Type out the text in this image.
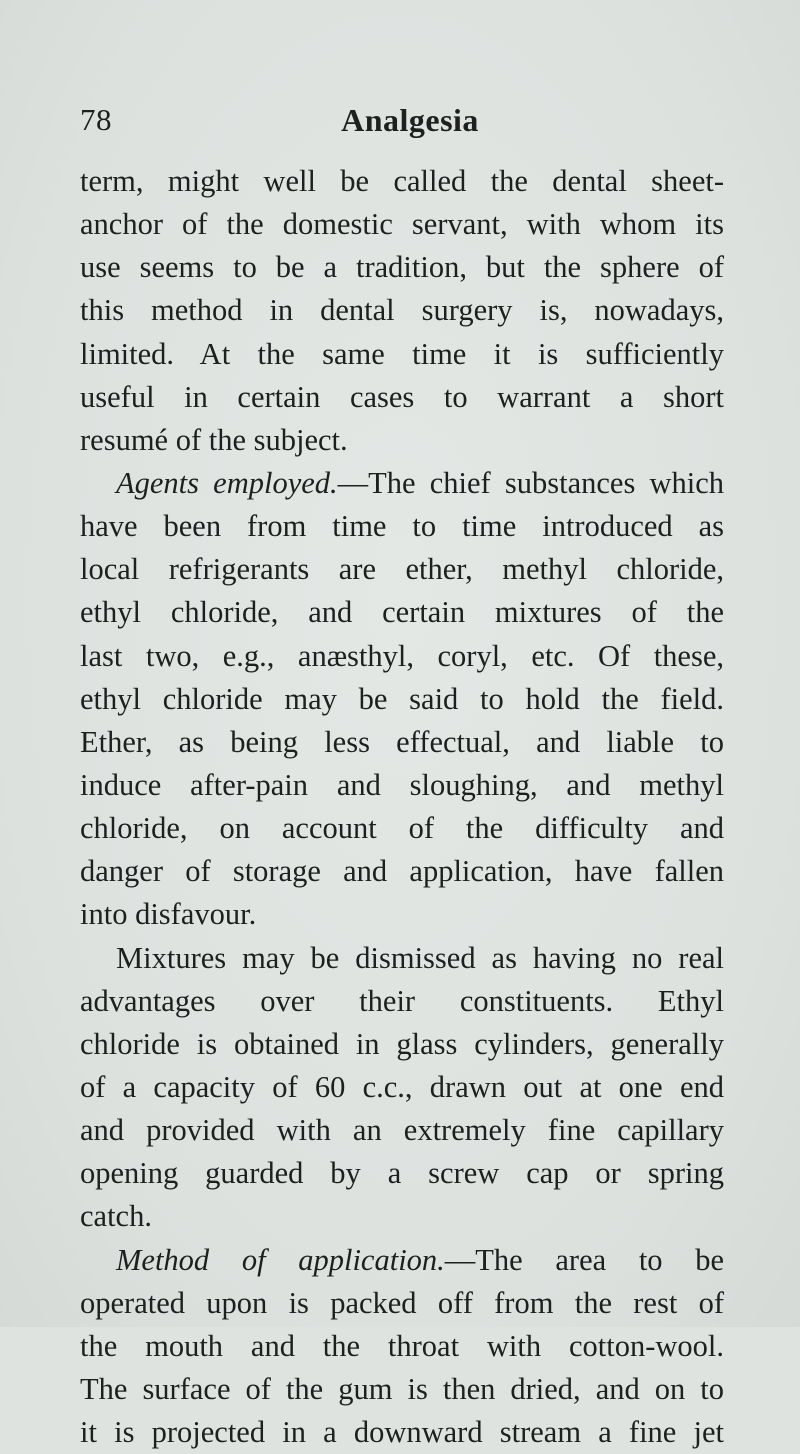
78	Analgesia
term, might well be called the dental sheet-
anchor of the domestic servant, with whom its
use seems to be a tradition, but the sphere of
this method in dental surgery is, nowadays,
limited. At the same time it is sufficiently
useful in certain cases to warrant a short
resumé of the subject.
Agents employed.—The chief substances which
have been from time to time introduced as
local refrigerants are ether, methyl chloride,
ethyl chloride, and certain mixtures of the
last two, e.g., anæsthyl, coryl, etc. Of these,
ethyl chloride may be said to hold the field.
Ether, as being less effectual, and liable to
induce after-pain and sloughing, and methyl
chloride, on account of the difficulty and
danger of storage and application, have fallen
into disfavour.
Mixtures may be dismissed as having no real
advantages over their constituents. Ethyl
chloride is obtained in glass cylinders, generally
of a capacity of 60 c.c., drawn out at one end
and provided with an extremely fine capillary
opening guarded by a screw cap or spring
catch.
Method of application.—The area to be
operated upon is packed off from the rest of
the mouth and the throat with cotton-wool.
The surface of the gum is then dried, and on to
it is projected in a downward stream a fine jet
